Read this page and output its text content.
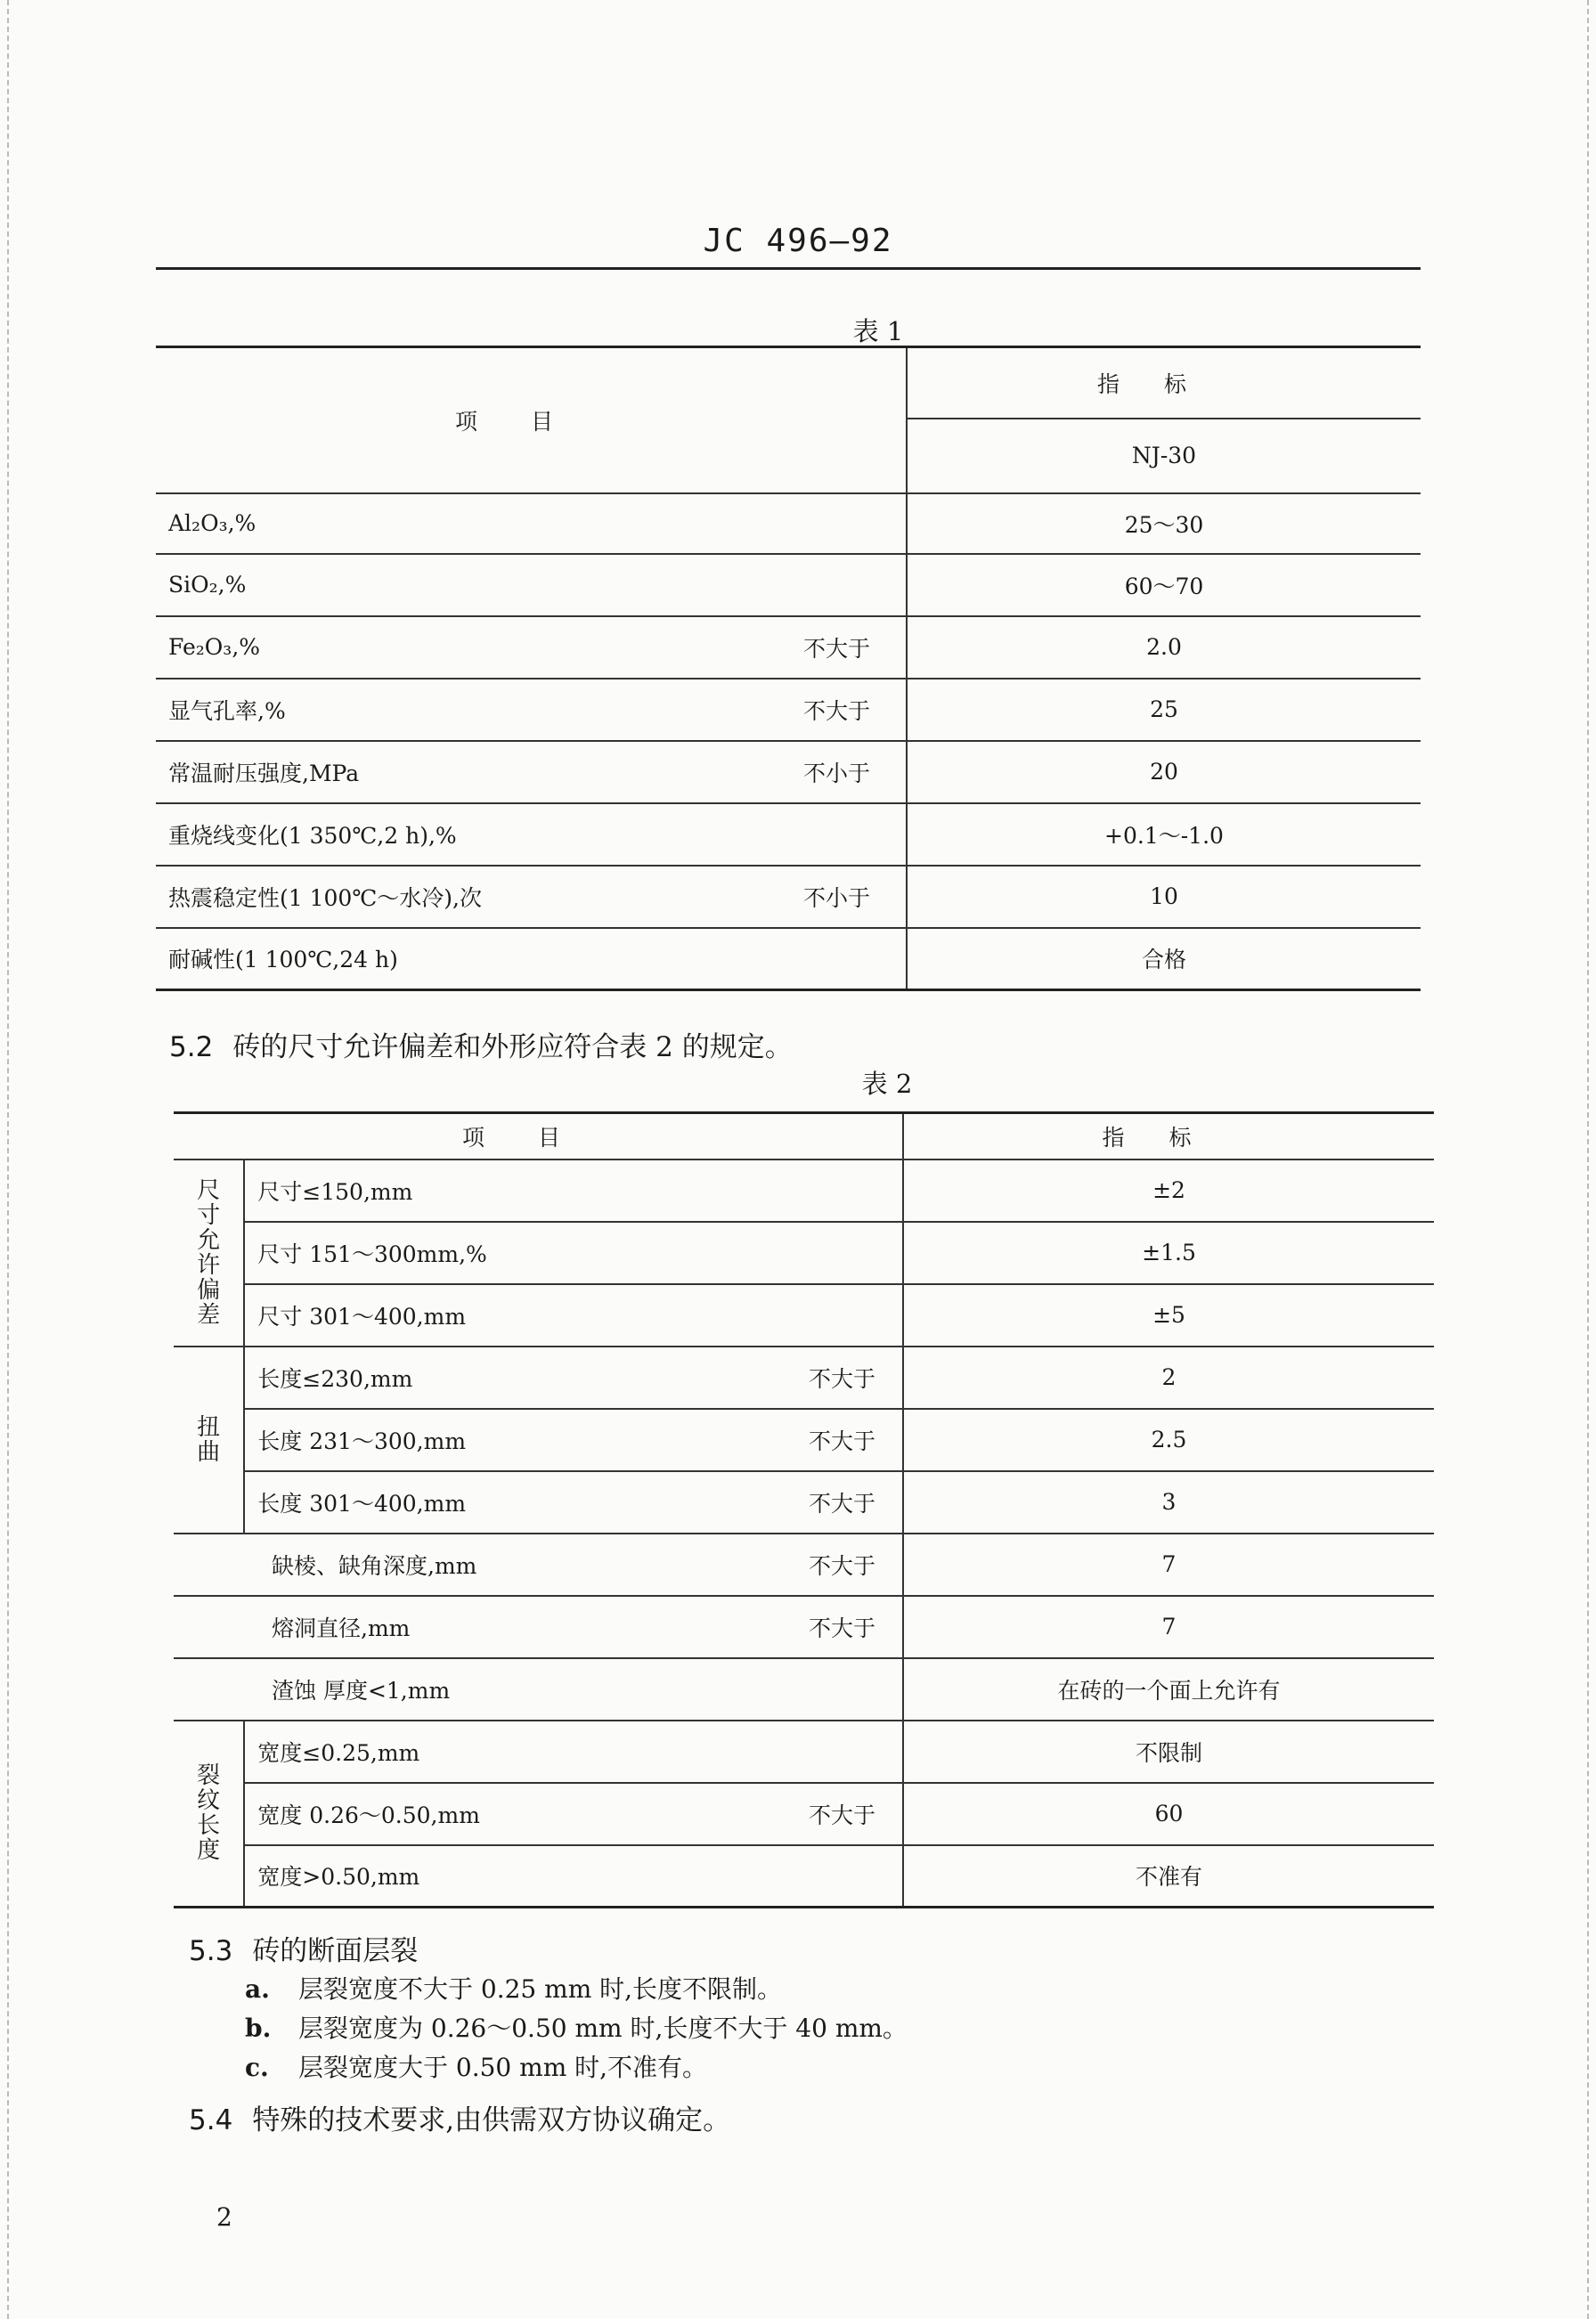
JC 496—92
表 1
项目		指标
		NJ-30
Al₂O₃,%		25～30
SiO₂,%		60～70
Fe₂O₃,%	不大于	2.0
显气孔率,%	不大于	25
常温耐压强度,MPa	不小于	20
重烧线变化(1 350℃,2 h),%		+0.1～-1.0
热震稳定性(1 100℃～水冷),次	不小于	10
耐碱性(1 100℃,24 h)		合格
5.2 砖的尺寸允许偏差和外形应符合表 2 的规定。
表 2
项目			指标
尺寸允许偏差	尺寸≤150,mm		±2
	尺寸 151～300mm,%		±1.5
	尺寸 301～400,mm		±5
扭曲	长度≤230,mm	不大于	2
	长度 231～300,mm	不大于	2.5
	长度 301～400,mm	不大于	3
缺棱、缺角深度,mm		不大于	7
熔洞直径,mm		不大于	7
渣蚀 厚度<1,mm			在砖的一个面上允许有
裂纹长度	宽度≤0.25,mm		不限制
	宽度 0.26～0.50,mm	不大于	60
	宽度>0.50,mm		不准有
5.3 砖的断面层裂
a. 层裂宽度不大于 0.25 mm 时,长度不限制。
b. 层裂宽度为 0.26～0.50 mm 时,长度不大于 40 mm。
c. 层裂宽度大于 0.50 mm 时,不准有。
5.4 特殊的技术要求,由供需双方协议确定。
2
